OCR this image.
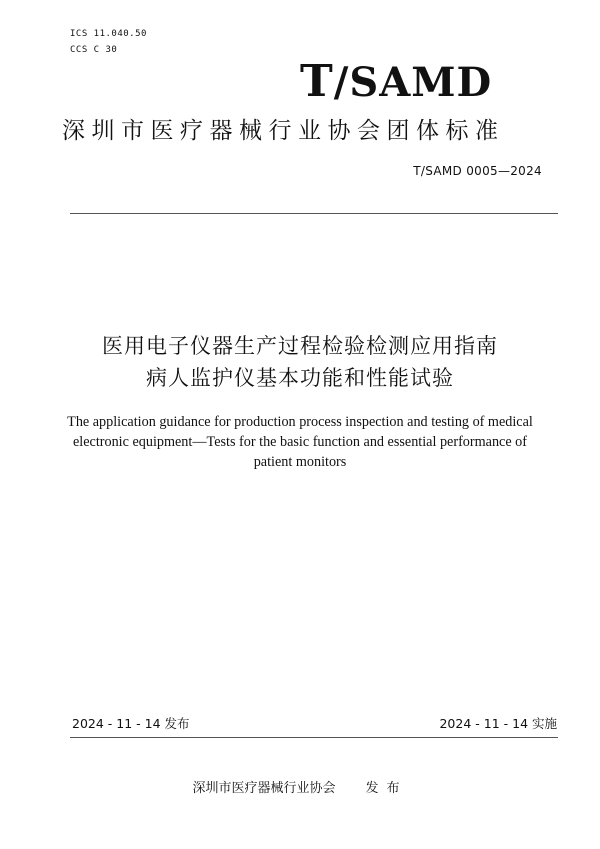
ICS 11.040.50
CCS C 30
T/SAMD
深圳市医疗器械行业协会团体标准
T/SAMD 0005—2024
医用电子仪器生产过程检验检测应用指南
病人监护仪基本功能和性能试验
The application guidance for production process inspection and testing of medical
electronic equipment—Tests for the basic function and essential performance of
patient monitors
2024 - 11 - 14 发布	2024 - 11 - 14 实施
深圳市医疗器械行业协会 发布
